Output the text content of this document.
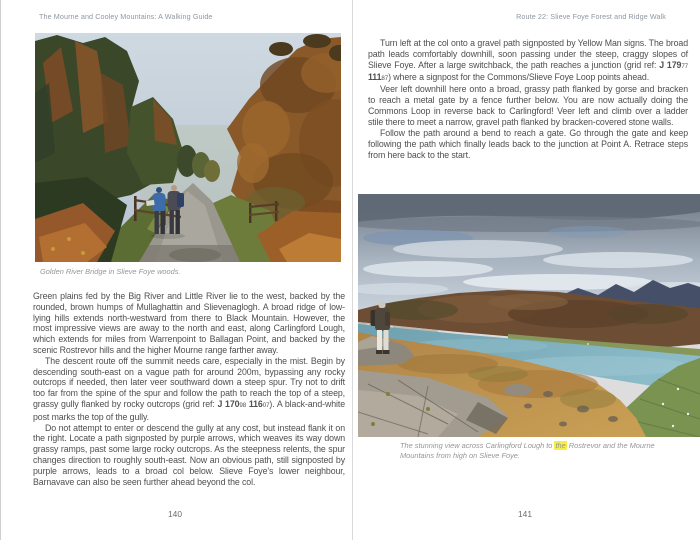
The Mourne and Cooley Mountains: A Walking Guide
Golden River Bridge in Slieve Foye woods.

Green plains fed by the Big River and Little River lie to the west, backed by the rounded, brown humps of Mullaghattin and Slievenaglogh. A broad ridge of low-lying hills extends north-westward from there to Black Mountain. However, the most impressive views are away to the north and east, along Carlingford Lough, which extends for miles from Warrenpoint to Ballagan Point, and backed by the scenic Rostrevor hills and the higher Mourne range farther away.

The descent route off the summit needs care, especially in the mist. Begin by descending south-east on a vague path for around 200m, bypassing any rocky outcrops if needed, then later veer southward down a steep spur. Try not to drift too far from the spine of the spur and follow the path to reach the top of a steep, grassy gully flanked by rocky outcrops (grid ref: J 17098 11607). A black-and-white post marks the top of the gully.

Do not attempt to enter or descend the gully at any cost, but instead flank it on the right. Locate a path signposted by purple arrows, which weaves its way down grassy ramps, past some large rocky outcrops. As the steepness relents, the spur changes direction to roughly south-east. Now an obvious path, still signposted by purple arrows, leads to a broad col below. Slieve Foye's lower neighbour, Barnavave can also be seen further ahead beyond the col.

140
Route 22: Slieve Foye Forest and Ridge Walk

Turn left at the col onto a gravel path signposted by Yellow Man signs. The broad path leads comfortably downhill, soon passing under the steep, craggy slopes of Slieve Foye. After a large switchback, the path reaches a junction (grid ref: J 17977 11187) where a signpost for the Commons/Slieve Foye Loop points ahead.

Veer left downhill here onto a broad, grassy path flanked by gorse and bracken to reach a metal gate by a fence further below. You are now actually doing the Commons Loop in reverse back to Carlingford! Veer left and climb over a ladder stile there to meet a narrow, gravel path flanked by bracken-covered stone walls.

Follow the path around a bend to reach a gate. Go through the gate and keep following the path which finally leads back to the junction at Point A. Retrace steps from here back to the start.

The stunning view across Carlingford Lough to the Rostrevor and the Mourne Mountains from high on Slieve Foye.
141
